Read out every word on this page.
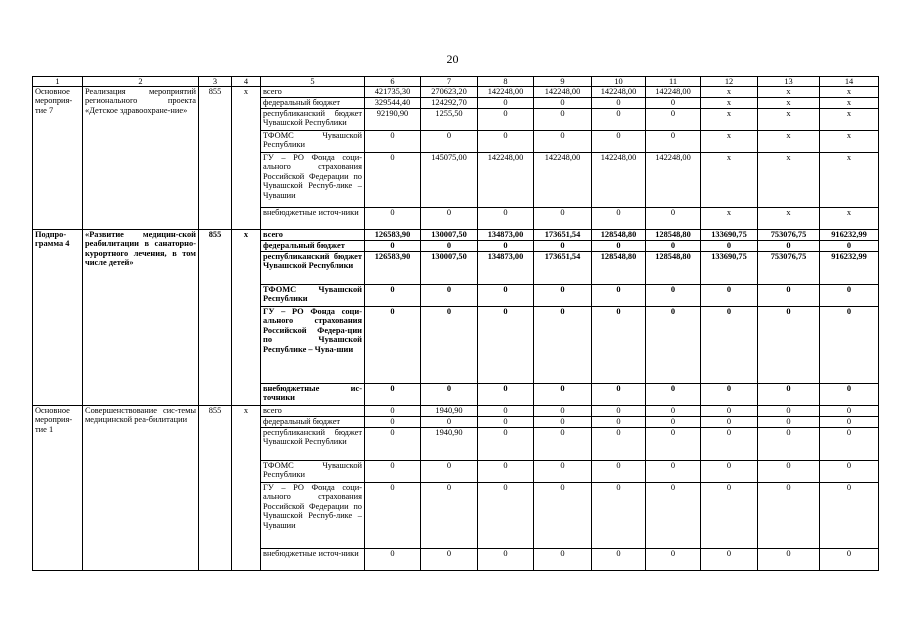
20
1	2	3	4	5	6	7	8	9	10	11	12	13	14
Основное мероприя-тие 7	Реализация мероприятий регионального проекта «Детское здравоохране-ние»	855	х	всего	421735,30	270623,20	142248,00	142248,00	142248,00	142248,00	х	х	х
				федеральный бюджет	329544,40	124292,70	0	0	0	0	х	х	х
				республиканский бюджет Чувашской Республики	92190,90	1255,50	0	0	0	0	х	х	х
				ТФОМС Чувашской Республики	0	0	0	0	0	0	х	х	х
				ГУ – РО Фонда соци-ального страхования Российской Федерации по Чувашской Респуб-лике – Чувашии	0	145075,00	142248,00	142248,00	142248,00	142248,00	х	х	х
				внебюджетные источ-ники	0	0	0	0	0	0	х	х	х
Подпро-грамма 4	«Развитие медицин-ской реабилитации в санаторно-курортного лечения, в том числе детей»	855	х	всего	126583,90	130007,50	134873,00	173651,54	128548,80	128548,80	133690,75	753076,75	916232,99
				федеральный бюджет	0	0	0	0	0	0	0	0	0
				республиканский бюджет Чувашской Республики	126583,90	130007,50	134873,00	173651,54	128548,80	128548,80	133690,75	753076,75	916232,99
				ТФОМС Чувашской Республики	0	0	0	0	0	0	0	0	0
				ГУ – РО Фонда соци-ального страхования Российской Федера-ции по Чувашской Республике – Чува-шии	0	0	0	0	0	0	0	0	0
				внебюджетные ис-точники	0	0	0	0	0	0	0	0	0
Основное мероприя-тие 1	Совершенствование сис-темы медицинской реа-билитации	855	х	всего	0	1940,90	0	0	0	0	0	0	0
				федеральный бюджет	0	0	0	0	0	0	0	0	0
				республиканский бюджет Чувашской Республики	0	1940,90	0	0	0	0	0	0	0
				ТФОМС Чувашской Республики	0	0	0	0	0	0	0	0	0
				ГУ – РО Фонда соци-ального страхования Российской Федерации по Чувашской Респуб-лике – Чувашии	0	0	0	0	0	0	0	0	0
				внебюджетные источ-ники	0	0	0	0	0	0	0	0	0
